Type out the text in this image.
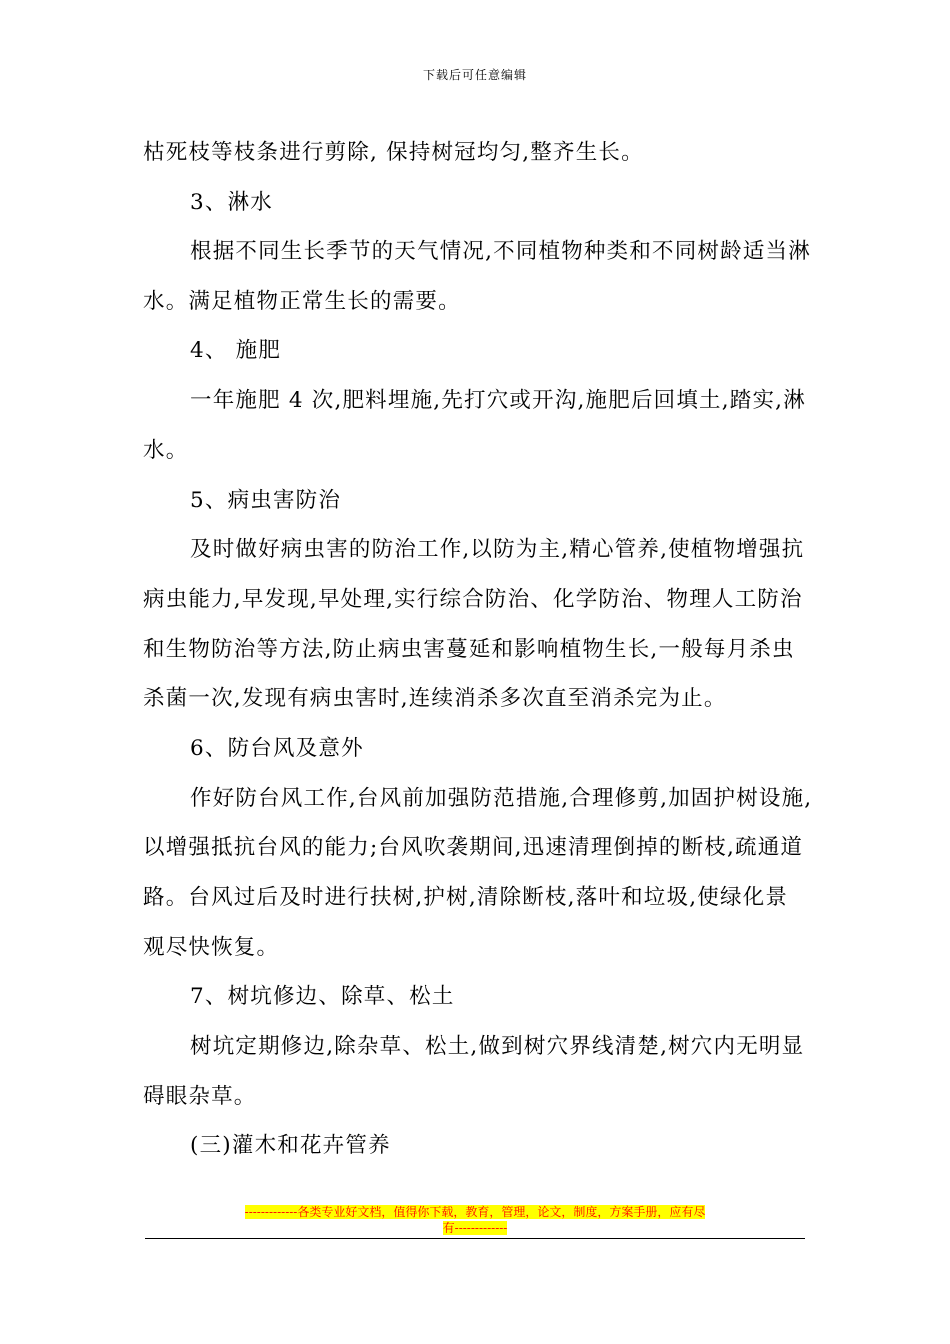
下载后可任意编辑
枯死枝等枝条进行剪除, 保持树冠均匀,整齐生长。
3、淋水
根据不同生长季节的天气情况,不同植物种类和不同树龄适当淋
水。满足植物正常生长的需要。
4、 施肥
一年施肥 4 次,肥料埋施,先打穴或开沟,施肥后回填土,踏实,淋
水。
5、病虫害防治
及时做好病虫害的防治工作,以防为主,精心管养,使植物增强抗
病虫能力,早发现,早处理,实行综合防治、化学防治、物理人工防治
和生物防治等方法,防止病虫害蔓延和影响植物生长,一般每月杀虫
杀菌一次,发现有病虫害时,连续消杀多次直至消杀完为止。
6、防台风及意外
作好防台风工作,台风前加强防范措施,合理修剪,加固护树设施,
以增强抵抗台风的能力;台风吹袭期间,迅速清理倒掉的断枝,疏通道
路。台风过后及时进行扶树,护树,清除断枝,落叶和垃圾,使绿化景
观尽快恢复。
7、树坑修边、除草、松土
树坑定期修边,除杂草、松土,做到树穴界线清楚,树穴内无明显
碍眼杂草。
(三)灌木和花卉管养
-------------各类专业好文档，值得你下载，教育，管理，论文，制度，方案手册，应有尽
有-------------
